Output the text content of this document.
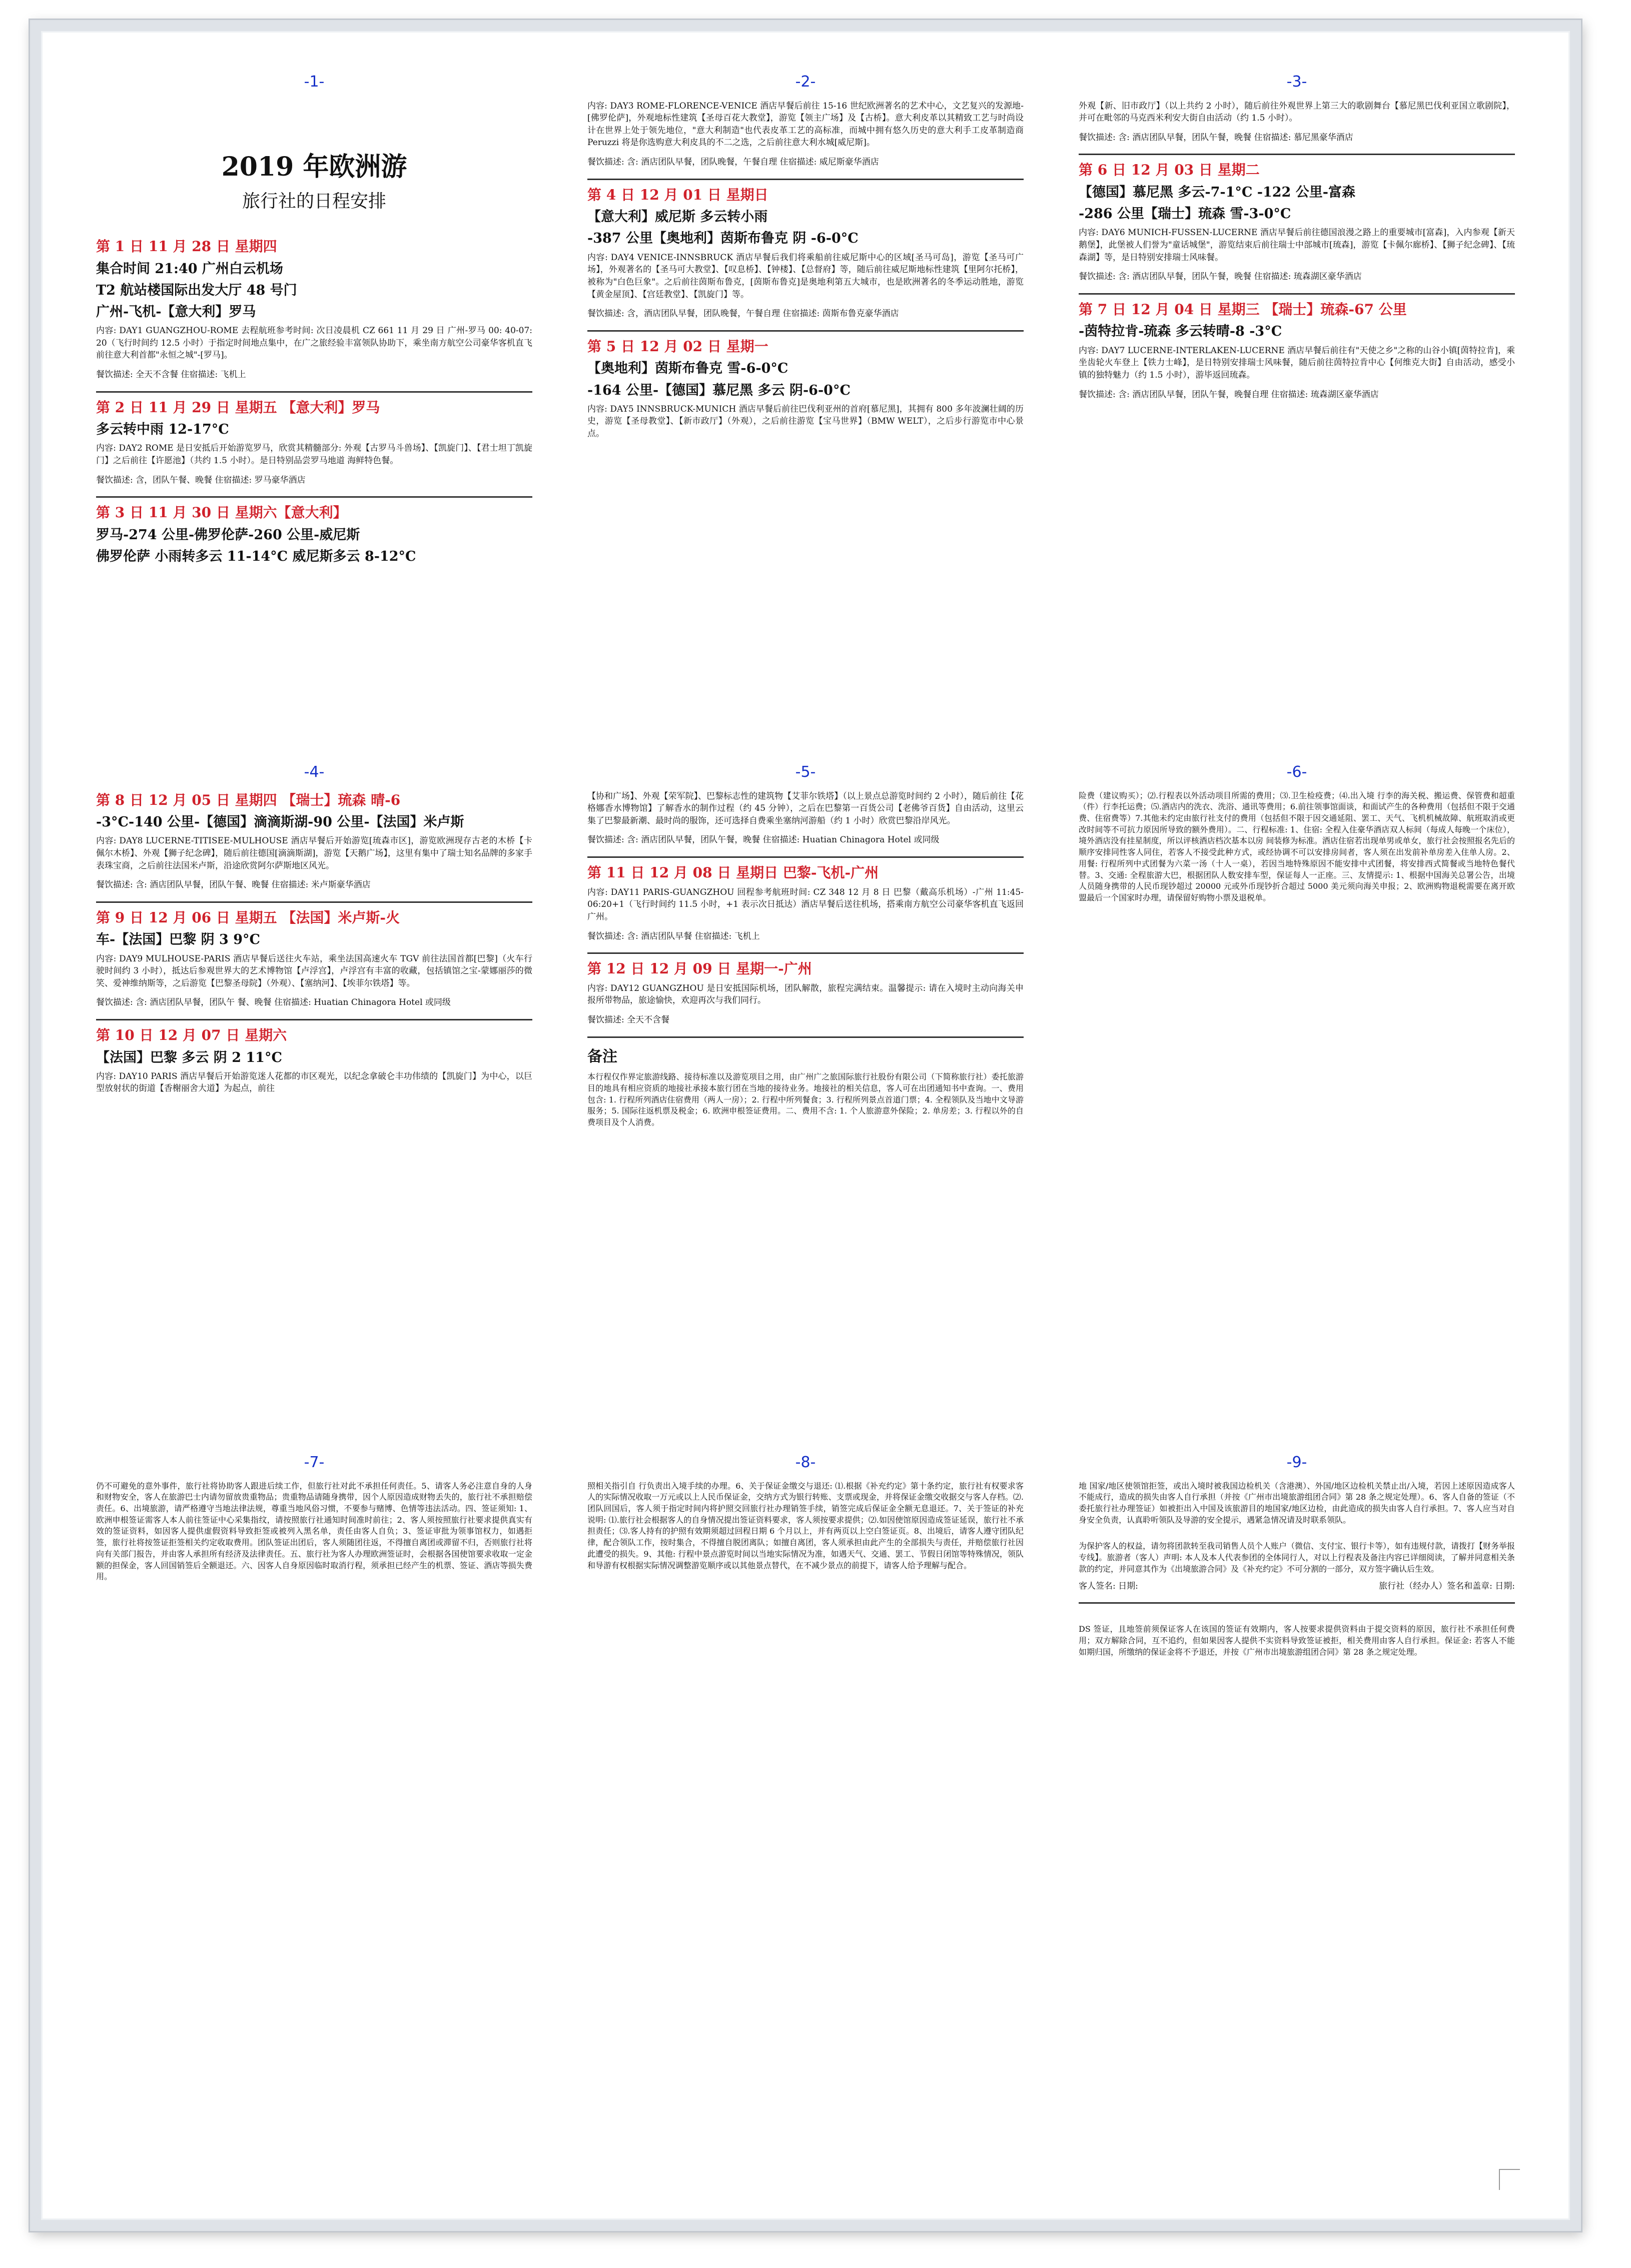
-1-
2019 年欧洲游
旅行社的日程安排
第 1 日 11 月 28 日 星期四
集合时间 21:40 广州白云机场
T2 航站楼国际出发大厅 48 号门
广州-飞机-【意大利】罗马
内容: DAY1 GUANGZHOU-ROME 去程航班参考时间: 次日凌晨机 CZ 661 11 月 29 日 广州-罗马 00: 40-07: 20（飞行时间约 12.5 小时）于指定时间地点集中，在广之旅经验丰富领队协助下，乘坐南方航空公司豪华客机直飞前往意大利首都"永恒之城"-[罗马]。
餐饮描述: 全天不含餐 住宿描述: 飞机上
第 2 日 11 月 29 日 星期五 【意大利】罗马
多云转中雨 12-17°C
内容: DAY2 ROME 是日安抵后开始游览罗马，欣赏其精髓部分: 外观【古罗马斗兽场】、【凯旋门】、【君士坦丁凯旋门】之后前往【许愿池】（共约 1.5 小时）。是日特别品尝罗马地道 海鲜特色餐。
餐饮描述: 含，团队午餐、晚餐 住宿描述: 罗马豪华酒店
第 3 日 11 月 30 日 星期六【意大利】
罗马-274 公里-佛罗伦萨-260 公里-威尼斯
佛罗伦萨 小雨转多云 11-14°C 威尼斯多云 8-12°C
-2-
内容: DAY3 ROME-FLORENCE-VENICE 酒店早餐后前往 15-16 世纪欧洲著名的艺术中心，文艺复兴的发源地-[佛罗伦萨]，外观地标性建筑【圣母百花大教堂】，游览【领主广场】及【古桥】。意大利皮革以其精致工艺与时尚设计在世界上处于领先地位，"意大利制造"也代表皮革工艺的高标准，而城中拥有悠久历史的意大利手工皮革制造商 Peruzzi 将是你选购意大利皮具的不二之选，之后前往意大利水城[威尼斯]。
餐饮描述: 含: 酒店团队早餐，团队晚餐，午餐自理 住宿描述: 威尼斯豪华酒店
第 4 日 12 月 01 日 星期日
【意大利】威尼斯 多云转小雨
-387 公里【奥地利】茵斯布鲁克 阴 -6-0°C
内容: DAY4 VENICE-INNSBRUCK 酒店早餐后我们将乘船前往威尼斯中心的区域[圣马可岛]，游览【圣马可广场】，外观著名的【圣马可大教堂】、【叹息桥】、【钟楼】、【总督府】等，随后前往威尼斯地标性建筑【里阿尔托桥】，被称为"白色巨象"。之后前往茵斯布鲁克，[茵斯布鲁克]是奥地利第五大城市，也是欧洲著名的冬季运动胜地，游览【黄金屋顶】、【宫廷教堂】、【凯旋门】等。
餐饮描述: 含，酒店团队早餐，团队晚餐，午餐自理 住宿描述: 茵斯布鲁克豪华酒店
第 5 日 12 月 02 日 星期一
【奥地利】茵斯布鲁克 雪-6-0°C
-164 公里-【德国】慕尼黑 多云 阴-6-0°C
内容: DAY5 INNSBRUCK-MUNICH 酒店早餐后前往巴伐利亚州的首府[慕尼黑]，其拥有 800 多年波澜壮阔的历史，游览【圣母教堂】、【新市政厅】（外观），之后前往游览【宝马世界】（BMW WELT），之后步行游览市中心景点。
-3-
外观【新、旧市政厅】（以上共约 2 小时），随后前往外观世界上第三大的歌剧舞台【慕尼黑巴伐利亚国立歌剧院】，并可在毗邻的马克西米利安大街自由活动（约 1.5 小时）。
餐饮描述: 含: 酒店团队早餐，团队午餐，晚餐 住宿描述: 慕尼黑豪华酒店
第 6 日 12 月 03 日 星期二
【德国】慕尼黑 多云-7-1°C -122 公里-富森
-286 公里【瑞士】琉森 雪-3-0°C
内容: DAY6 MUNICH-FUSSEN-LUCERNE 酒店早餐后前往德国浪漫之路上的重要城市[富森]，入内参观【新天鹅堡】，此堡被人们誉为"童话城堡"，游览结束后前往瑞士中部城市[琉森]，游览【卡佩尔廊桥】、【狮子纪念碑】、【琉森湖】等，是日特别安排瑞士风味餐。
餐饮描述: 含: 酒店团队早餐，团队午餐，晚餐 住宿描述: 琉森湖区豪华酒店
第 7 日 12 月 04 日 星期三 【瑞士】琉森-67 公里
-茵特拉肯-琉森 多云转晴-8 -3°C
内容: DAY7 LUCERNE-INTERLAKEN-LUCERNE 酒店早餐后前往有"天使之乡"之称的山谷小镇[茵特拉肯]，乘坐齿轮火车登上【铁力士峰】，是日特别安排瑞士风味餐，随后前往茵特拉肯中心【何维克大街】自由活动，感受小镇的独特魅力（约 1.5 小时），游毕返回琉森。
餐饮描述: 含: 酒店团队早餐，团队午餐，晚餐自理 住宿描述: 琉森湖区豪华酒店
-4-
第 8 日 12 月 05 日 星期四 【瑞士】琉森 晴-6
-3°C-140 公里-【德国】滴滴斯湖-90 公里-【法国】米卢斯
内容: DAY8 LUCERNE-TITISEE-MULHOUSE 酒店早餐后开始游览[琉森市区]，游览欧洲现存古老的木桥【卡佩尔木桥】、外观【狮子纪念碑】，随后前往德国[滴滴斯湖]，游览【天鹅广场】，这里有集中了瑞士知名品牌的多家手表珠宝商，之后前往法国米卢斯，沿途欣赏阿尔萨斯地区风光。
餐饮描述: 含: 酒店团队早餐，团队午餐、晚餐 住宿描述: 米卢斯豪华酒店
第 9 日 12 月 06 日 星期五 【法国】米卢斯-火
车-【法国】巴黎 阴 3 9°C
内容: DAY9 MULHOUSE-PARIS 酒店早餐后送往火车站，乘坐法国高速火车 TGV 前往法国首都[巴黎]（火车行驶时间约 3 小时），抵达后参观世界大的艺术博物馆【卢浮宫】，卢浮宫有丰富的收藏，包括镇馆之宝-蒙娜丽莎的微笑、爱神维纳斯等，之后游览【巴黎圣母院】（外观）、【塞纳河】、【埃菲尔铁塔】等。
餐饮描述: 含: 酒店团队早餐，团队午 餐、晚餐 住宿描述: Huatian Chinagora Hotel 或同级
第 10 日 12 月 07 日 星期六
【法国】巴黎 多云 阴 2 11°C
内容: DAY10 PARIS 酒店早餐后开始游览迷人花都的市区观光，以纪念拿破仑丰功伟绩的【凯旋门】为中心，以巨型放射状的街道【香榭丽舍大道】为起点，前往
-5-
【协和广场】、外观【荣军院】、巴黎标志性的建筑物【艾菲尔铁塔】（以上景点总游览时间约 2 小时），随后前往【花格娜香水博物馆】了解香水的制作过程（约 45 分钟），之后在巴黎第一百货公司【老佛爷百货】自由活动，这里云集了巴黎最新潮、最时尚的服饰，还可选择自费乘坐塞纳河游船（约 1 小时）欣赏巴黎沿岸风光。
餐饮描述: 含: 酒店团队早餐，团队午餐，晚餐 住宿描述: Huatian Chinagora Hotel 或同级
第 11 日 12 月 08 日 星期日 巴黎-飞机-广州
内容: DAY11 PARIS-GUANGZHOU 回程参考航班时间: CZ 348 12 月 8 日 巴黎（戴高乐机场）-广州 11:45-06:20+1（飞行时间约 11.5 小时，+1 表示次日抵达）酒店早餐后送往机场，搭乘南方航空公司豪华客机直飞返回广州。
餐饮描述: 含: 酒店团队早餐 住宿描述: 飞机上
第 12 日 12 月 09 日 星期一-广州
内容: DAY12 GUANGZHOU 是日安抵国际机场，团队解散，旅程完满结束。温馨提示: 请在入境时主动向海关申报所带物品，旅途愉快，欢迎再次与我们同行。
餐饮描述: 全天不含餐
备注
本行程仅作界定旅游线路、接待标准以及游览项目之用，由广州广之旅国际旅行社股份有限公司（下简称旅行社）委托旅游目的地具有相应资质的地接社承接本旅行团在当地的接待业务。地接社的相关信息，客人可在出团通知书中查询。一、费用包含: 1. 行程所列酒店住宿费用（两人一房）；2. 行程中所列餐食；3. 行程所列景点首道门票；4. 全程领队及当地中文导游服务；5. 国际往返机票及税金；6. 欧洲申根签证费用。二、费用不含: 1. 个人旅游意外保险；2. 单房差；3. 行程以外的自费项目及个人消费。
-6-
险费（建议购买）；⑵.行程表以外活动项目所需的费用；⑶.卫生检疫费；⑷.出入境 行李的海关税、搬运费、保管费和超重（件）行李托运费；⑸.酒店内的洗衣、洗浴、通讯等费用；6.前往领事馆面谈，和面试产生的各种费用（包括但不限于交通费、住宿费等）7.其他未约定由旅行社支付的费用（包括但不限于因交通延阻、罢工、天气、飞机机械故障、航班取消或更改时间等不可抗力原因所导致的额外费用）。二、行程标准: 1、住宿: 全程入住豪华酒店双人标间（每成人每晚一个床位），境外酒店没有挂星制度，所以评核酒店档次基本以房 间装修为标准。酒店住宿若出现单男或单女，旅行社会按照报名先后的顺序安排同性客人同住，若客人不接受此种方式，或经协调不可以安排房间者，客人须在出发前补单房差入住单人房。2、用餐: 行程所列中式团餐为六菜一汤（十人一桌），若因当地特殊原因不能安排中式团餐，将安排西式简餐或当地特色餐代替。3、交通: 全程旅游大巴，根据团队人数安排车型，保证每人一正座。三、友情提示: 1、根据中国海关总署公告，出境人员随身携带的人民币现钞超过 20000 元或外币现钞折合超过 5000 美元须向海关申报；2、欧洲购物退税需要在离开欧盟最后一个国家时办理，请保留好购物小票及退税单。
-7-
仍不可避免的意外事件，旅行社将协助客人跟进后续工作，但旅行社对此不承担任何责任。5、请客人务必注意自身的人身和财物安全，客人在旅游巴士内请勿留放贵重物品；贵重物品请随身携带，因个人原因造成财物丢失的，旅行社不承担赔偿责任。6、出境旅游，请严格遵守当地法律法规，尊重当地风俗习惯，不要参与赌博、色情等违法活动。四、签证须知: 1、欧洲申根签证需客人本人前往签证中心采集指纹，请按照旅行社通知时间准时前往；2、客人须按照旅行社要求提供真实有效的签证资料，如因客人提供虚假资料导致拒签或被列入黑名单，责任由客人自负；3、签证审批为领事馆权力，如遇拒签，旅行社将按签证拒签相关约定收取费用。团队签证出团后，客人须随团往返，不得擅自离团或滞留不归，否则旅行社将向有关部门报告，并由客人承担所有经济及法律责任。五、旅行社为客人办理欧洲签证时，会根据各国使馆要求收取一定金额的担保金，客人回国销签后全额退还。六、因客人自身原因临时取消行程，须承担已经产生的机票、签证、酒店等损失费用。
-8-
照相关指引自 行负责出入境手续的办理。6、关于保证金缴交与退还: ⑴.根据《补充约定》第十条约定，旅行社有权要求客人的实际情况收取一万元或以上人民币保证金，交纳方式为银行转账、支票或现金，并将保证金缴交收据交与客人存档。⑵.团队回国后，客人须于指定时间内将护照交回旅行社办理销签手续，销签完成后保证金全额无息退还。7、关于签证的补充说明: ⑴.旅行社会根据客人的自身情况提出签证资料要求，客人须按要求提供；⑵.如因使馆原因造成签证延误，旅行社不承担责任；⑶.客人持有的护照有效期须超过回程日期 6 个月以上，并有两页以上空白签证页。8、出境后，请客人遵守团队纪律，配合领队工作，按时集合，不得擅自脱团离队；如擅自离团，客人须承担由此产生的全部损失与责任，并赔偿旅行社因此遭受的损失。9、其他: 行程中景点游览时间以当地实际情况为准，如遇天气、交通、罢工、节假日闭馆等特殊情况，领队和导游有权根据实际情况调整游览顺序或以其他景点替代，在不减少景点的前提下，请客人给予理解与配合。
-9-
地 国家/地区使领馆拒签，或出入境时被我国边检机关（含港澳）、外国/地区边检机关禁止出/入境，若因上述原因造成客人不能成行，造成的损失由客人自行承担（并按《广州市出境旅游组团合同》第 28 条之规定处理）。6、客人自备的签证（不委托旅行社办理签证）如被拒出入中国及该旅游目的地国家/地区边检，由此造成的损失由客人自行承担。7、客人应当对自身安全负责，认真聆听领队及导游的安全提示，遇紧急情况请及时联系领队。
为保护客人的权益，请勿将团款转至我司销售人员个人账户（微信、支付宝、银行卡等），如有违规付款，请拨打【财务举报专线】。旅游者（客人）声明: 本人及本人代表参团的全体同行人，对以上行程表及备注内容已详细阅读，了解并同意相关条款的约定，并同意其作为《出境旅游合同》及《补充约定》不可分割的一部分，双方签字确认后生效。
客人签名: 日期:	旅行社（经办人）签名和盖章: 日期:
DS 签证，且地签前须保证客人在该国的签证有效期内，客人按要求提供资料由于提交资料的原因，旅行社不承担任何费用；双方解除合同，互不追约，但如果因客人提供不实资料导致签证被拒，相关费用由客人自行承担。保证金: 若客人不能如期归国，所缴纳的保证金将不予退还，并按《广州市出境旅游组团合同》第 28 条之规定处理。
